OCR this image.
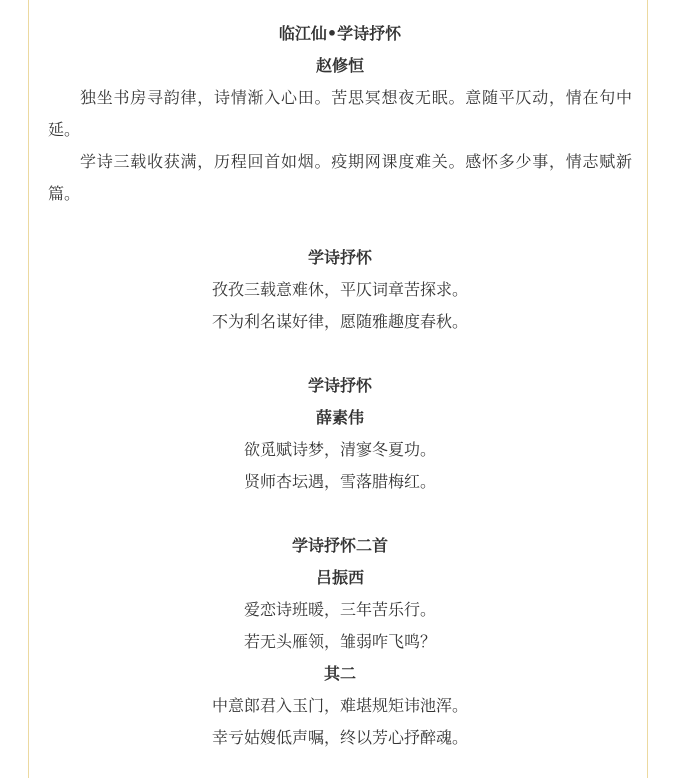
临江仙•学诗抒怀
赵修恒

独坐书房寻韵律，诗情渐入心田。苦思冥想夜无眠。意随平仄动，情在句中延。

学诗三载收获满，历程回首如烟。疫期网课度难关。感怀多少事，情志赋新篇。

学诗抒怀
孜孜三载意难休，平仄词章苦探求。
不为利名谋好律，愿随雅趣度春秋。
学诗抒怀
薛素伟
欲觅赋诗梦，清寥冬夏功。
贤师杏坛遇，雪落腊梅红。
学诗抒怀二首
吕振西
爱恋诗班暖，三年苦乐行。
若无头雁领，雏弱咋飞鸣？
其二
中意郎君入玉门，难堪规矩讳池浑。
幸亏姑嫂低声嘱，终以芳心抒醉魂。
